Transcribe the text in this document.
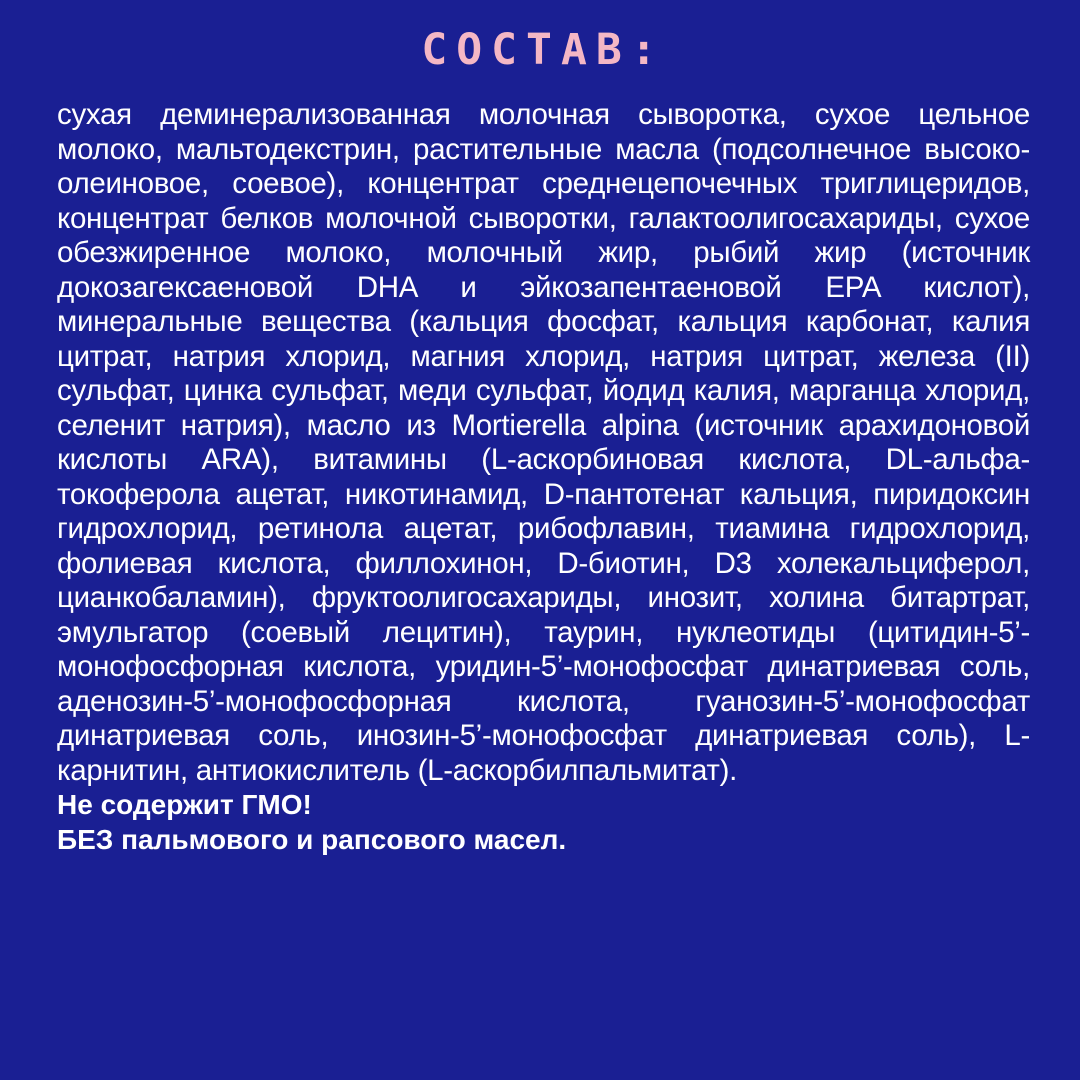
СОСТАВ:

сухая деминерализованная молочная сыворотка, сухое цельное молоко, мальтодекстрин, растительные масла (подсолнечное высоко-олеиновое, соевое), концентрат среднецепочечных триглицеридов, концентрат белков молочной сыворотки, галактоолигосахариды, сухое обезжиренное молоко, молочный жир, рыбий жир (источник докозагексаеновой DHA и эйкозапентаеновой EPA кислот), минеральные вещества (кальция фосфат, кальция карбонат, калия цитрат, натрия хлорид, магния хлорид, натрия цитрат, железа (II) сульфат, цинка сульфат, меди сульфат, йодид калия, марганца хлорид, селенит натрия), масло из Mortierella alpina (источник арахидоновой кислоты ARA), витамины (L-аскорбиновая кислота, DL-альфа-токоферола ацетат, никотинамид, D-пантотенат кальция, пиридоксин гидрохлорид, ретинола ацетат, рибофлавин, тиамина гидрохлорид, фолиевая кислота, филлохинон, D-биотин, D3 холекальциферол, цианкобаламин), фруктоолигосахариды, инозит, холина битартрат, эмульгатор (соевый лецитин), таурин, нуклеотиды (цитидин-5’-монофосфорная кислота, уридин-5’-монофосфат динатриевая соль, аденозин-5’-монофосфорная кислота, гуанозин-5’-монофосфат динатриевая соль, инозин-5’-монофосфат динатриевая соль), L-карнитин, антиокислитель (L-аскорбилпальмитат).

Не содержит ГМО!

БЕЗ пальмового и рапсового масел.
